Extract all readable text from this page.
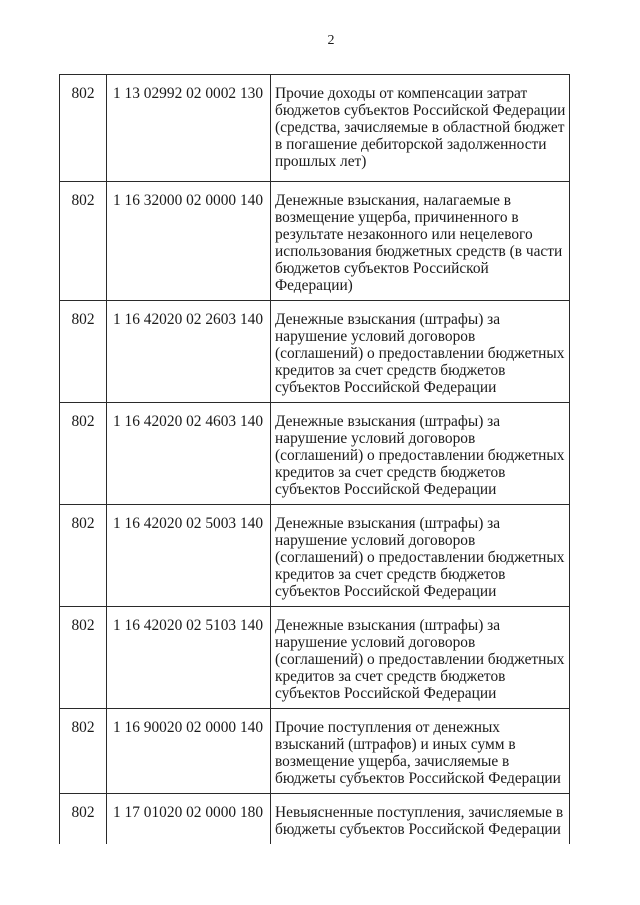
2
802	1 13 02992 02 0002 130	Прочие доходы от компенсации затрат бюджетов субъектов Российской Федерации (средства, зачисляемые в областной бюджет в погашение дебиторской задолженности прошлых лет)
802	1 16 32000 02 0000 140	Денежные взыскания, налагаемые в возмещение ущерба, причиненного в результате незаконного или нецелевого использования бюджетных средств (в части бюджетов субъектов Российской Федерации)
802	1 16 42020 02 2603 140	Денежные взыскания (штрафы) за нарушение условий договоров (соглашений) о предоставлении бюджетных кредитов за счет средств бюджетов субъектов Российской Федерации
802	1 16 42020 02 4603 140	Денежные взыскания (штрафы) за нарушение условий договоров (соглашений) о предоставлении бюджетных кредитов за счет средств бюджетов субъектов Российской Федерации
802	1 16 42020 02 5003 140	Денежные взыскания (штрафы) за нарушение условий договоров (соглашений) о предоставлении бюджетных кредитов за счет средств бюджетов субъектов Российской Федерации
802	1 16 42020 02 5103 140	Денежные взыскания (штрафы) за нарушение условий договоров (соглашений) о предоставлении бюджетных кредитов за счет средств бюджетов субъектов Российской Федерации
802	1 16 90020 02 0000 140	Прочие поступления от денежных взысканий (штрафов) и иных сумм в возмещение ущерба, зачисляемые в бюджеты субъектов Российской Федерации
802	1 17 01020 02 0000 180	Невыясненные поступления, зачисляемые в бюджеты субъектов Российской Федерации
